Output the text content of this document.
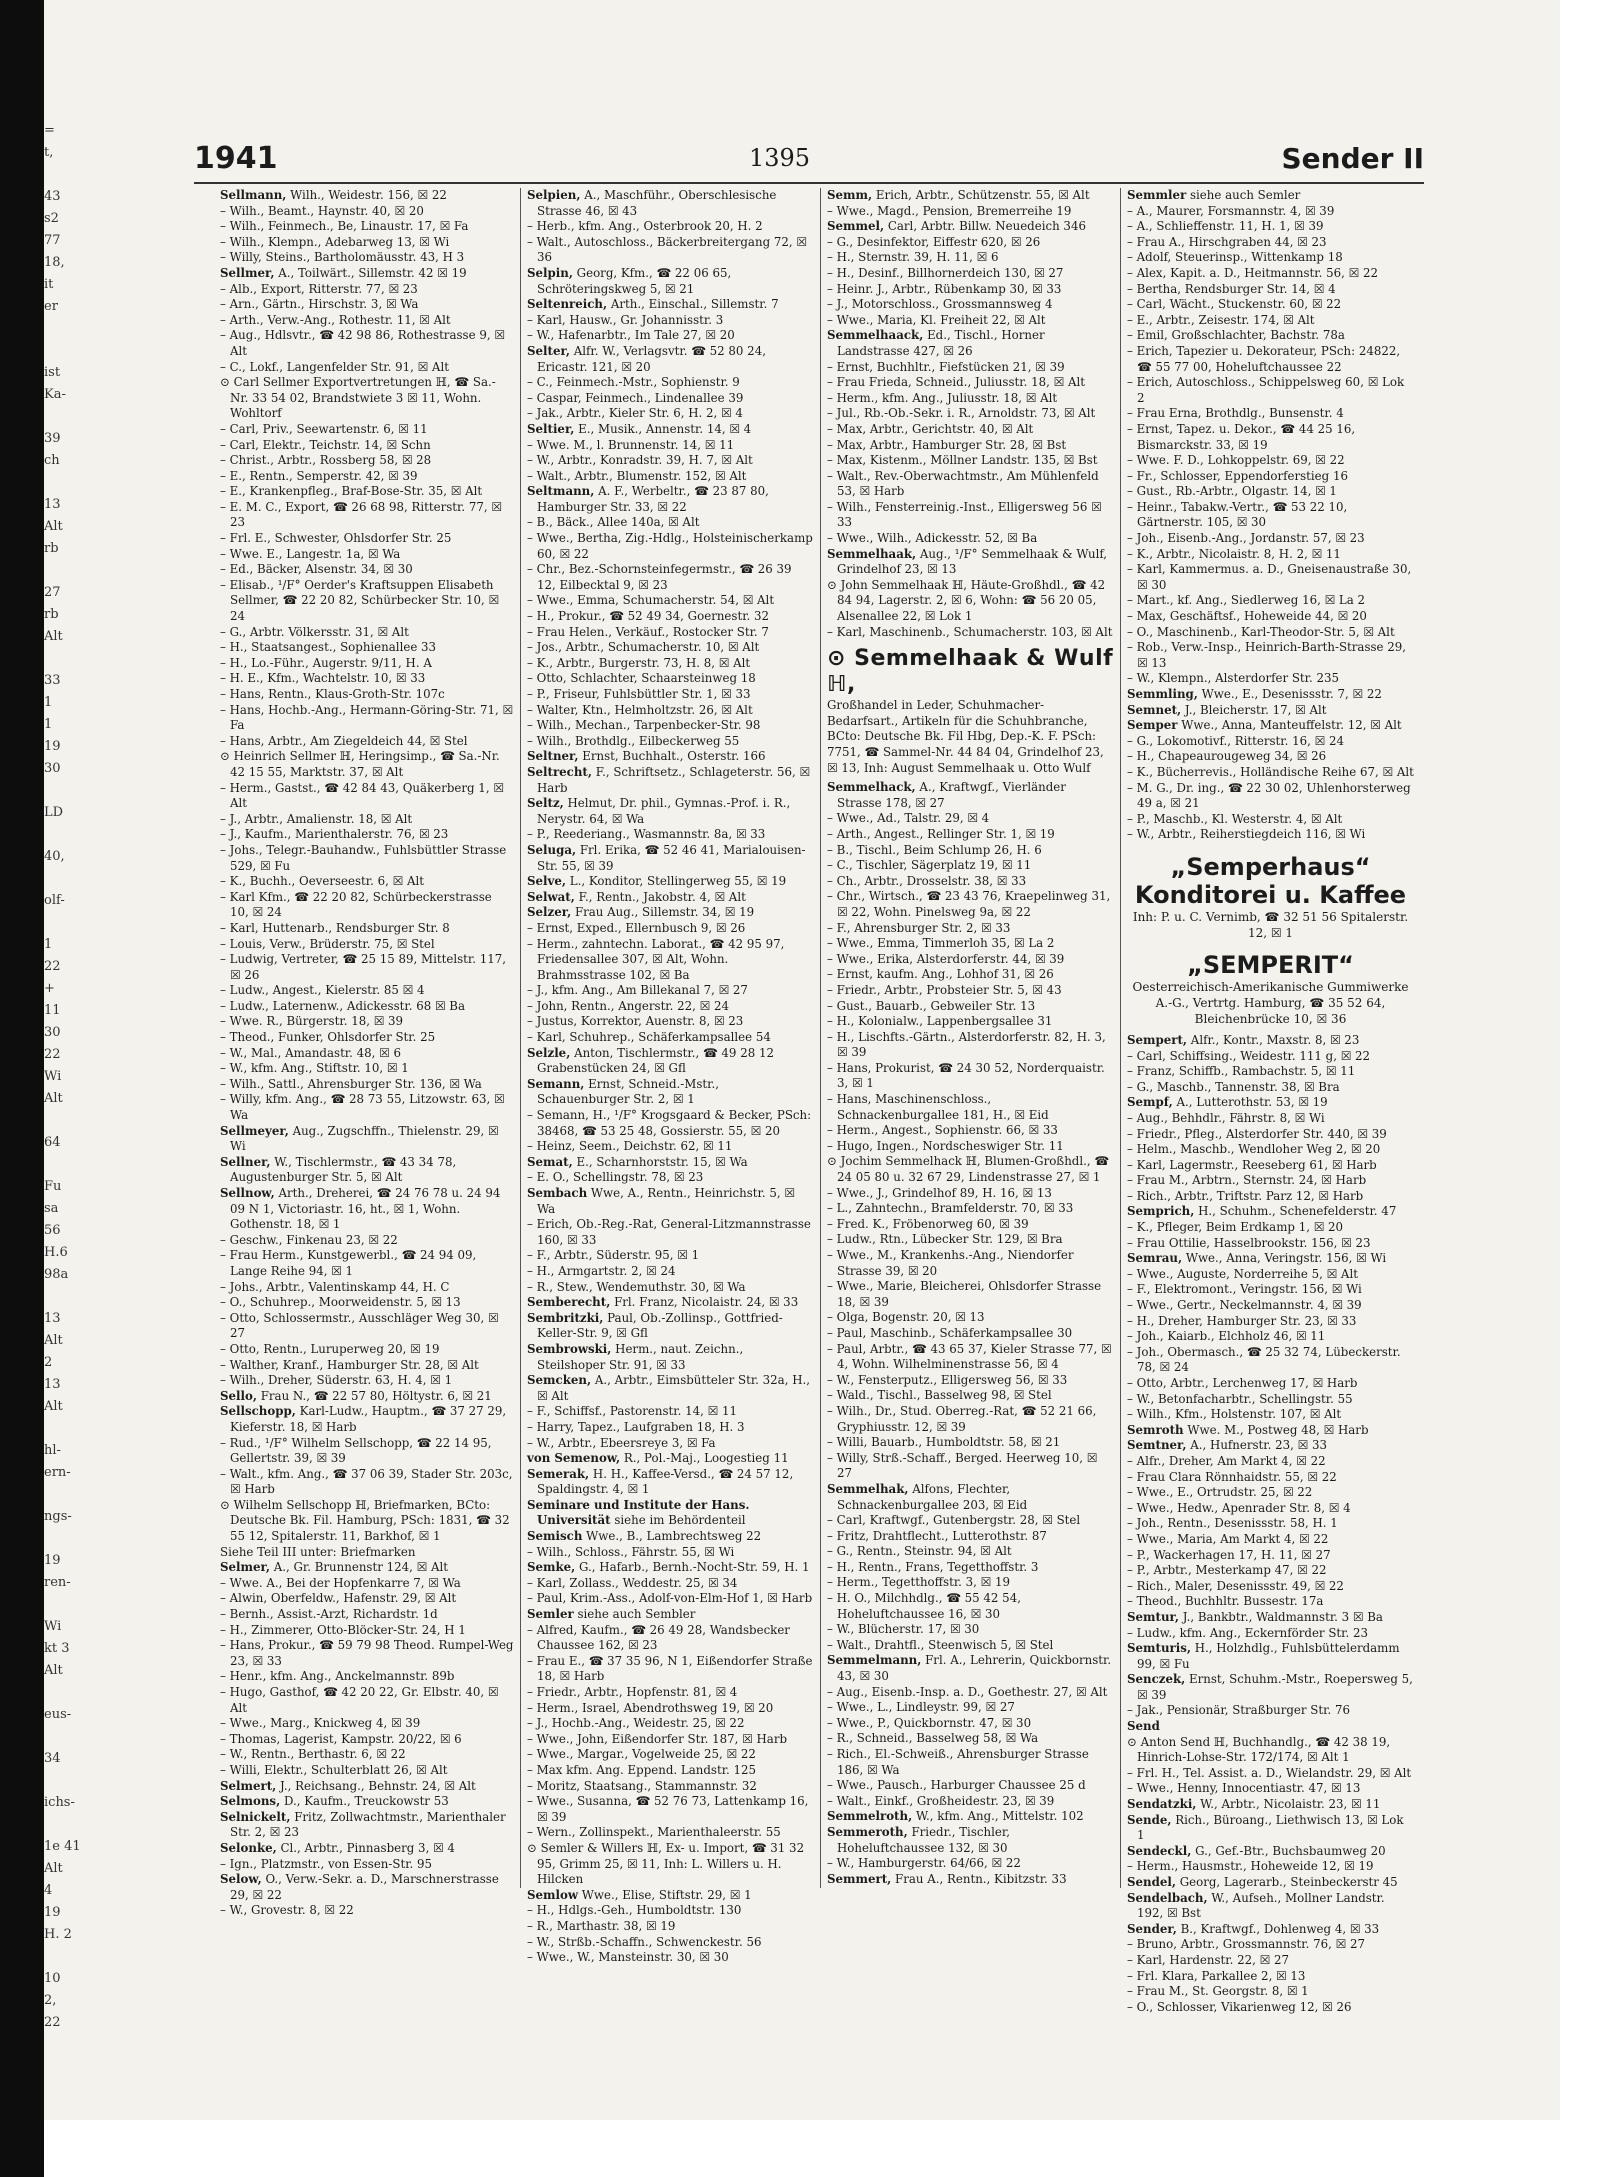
=
t,
43
s2
77
18,
it
er
ist
Ka-
39
ch
13
Alt
rb
27
rb
Alt
33
1
1
19
30
LD
40,
olf-
1
22
+
11
30
22
Wi
Alt
64
Fu
sa
56
H.6
98a
13
Alt
2
13
Alt
hl-
ern-
ngs-
19
ren-
Wi
kt 3
Alt
eus-
34
ichs-
1e 41
Alt
4
19
H. 2
10
2,
22
1941	1395	Sender II
Sellmann, Wilh., Weidestr. 156, ☒ 22
– Wilh., Beamt., Haynstr. 40, ☒ 20
– Wilh., Feinmech., Be, Linaustr. 17, ☒ Fa
– Wilh., Klempn., Adebarweg 13, ☒ Wi
– Willy, Steins., Bartholomäusstr. 43, H 3
Sellmer, A., Toilwärt., Sillemstr. 42 ☒ 19
– Alb., Export, Ritterstr. 77, ☒ 23
– Arn., Gärtn., Hirschstr. 3, ☒ Wa
– Arth., Verw.-Ang., Rothestr. 11, ☒ Alt
– Aug., Hdlsvtr., ☎ 42 98 86, Rothestrasse 9, ☒ Alt
– C., Lokf., Langenfelder Str. 91, ☒ Alt
⊙ Carl Sellmer Exportvertretungen ℍ, ☎ Sa.-Nr. 33 54 02, Brandstwiete 3 ☒ 11, Wohn. Wohltorf
– Carl, Priv., Seewartenstr. 6, ☒ 11
– Carl, Elektr., Teichstr. 14, ☒ Schn
– Christ., Arbtr., Rossberg 58, ☒ 28
– E., Rentn., Semperstr. 42, ☒ 39
– E., Krankenpfleg., Braf-Bose-Str. 35, ☒ Alt
– E. M. C., Export, ☎ 26 68 98, Ritterstr. 77, ☒ 23
– Frl. E., Schwester, Ohlsdorfer Str. 25
– Wwe. E., Langestr. 1a, ☒ Wa
– Ed., Bäcker, Alsenstr. 34, ☒ 30
– Elisab., ¹/F° Oerder's Kraftsuppen Elisabeth Sellmer, ☎ 22 20 82, Schürbecker Str. 10, ☒ 24
– G., Arbtr. Völkersstr. 31, ☒ Alt
– H., Staatsangest., Sophienallee 33
– H., Lo.-Führ., Augerstr. 9/11, H. A
– H. E., Kfm., Wachtelstr. 10, ☒ 33
– Hans, Rentn., Klaus-Groth-Str. 107c
– Hans, Hochb.-Ang., Hermann-Göring-Str. 71, ☒ Fa
– Hans, Arbtr., Am Ziegeldeich 44, ☒ Stel
⊙ Heinrich Sellmer ℍ, Heringsimp., ☎ Sa.-Nr. 42 15 55, Marktstr. 37, ☒ Alt
– Herm., Gastst., ☎ 42 84 43, Quäkerberg 1, ☒ Alt
– J., Arbtr., Amalienstr. 18, ☒ Alt
– J., Kaufm., Marienthalerstr. 76, ☒ 23
– Johs., Telegr.-Bauhandw., Fuhlsbüttler Strasse 529, ☒ Fu
– K., Buchh., Oeverseestr. 6, ☒ Alt
– Karl Kfm., ☎ 22 20 82, Schürbeckerstrasse 10, ☒ 24
– Karl, Huttenarb., Rendsburger Str. 8
– Louis, Verw., Brüderstr. 75, ☒ Stel
– Ludwig, Vertreter, ☎ 25 15 89, Mittelstr. 117, ☒ 26
– Ludw., Angest., Kielerstr. 85 ☒ 4
– Ludw., Laternenw., Adickesstr. 68 ☒ Ba
– Wwe. R., Bürgerstr. 18, ☒ 39
– Theod., Funker, Ohlsdorfer Str. 25
– W., Mal., Amandastr. 48, ☒ 6
– W., kfm. Ang., Stiftstr. 10, ☒ 1
– Wilh., Sattl., Ahrensburger Str. 136, ☒ Wa
– Willy, kfm. Ang., ☎ 28 73 55, Litzowstr. 63, ☒ Wa
Sellmeyer, Aug., Zugschffn., Thielenstr. 29, ☒ Wi
Sellner, W., Tischlermstr., ☎ 43 34 78, Augustenburger Str. 5, ☒ Alt
Sellnow, Arth., Dreherei, ☎ 24 76 78 u. 24 94 09 N 1, Victoriastr. 16, ht., ☒ 1, Wohn. Gothenstr. 18, ☒ 1
– Geschw., Finkenau 23, ☒ 22
– Frau Herm., Kunstgewerbl., ☎ 24 94 09, Lange Reihe 94, ☒ 1
– Johs., Arbtr., Valentinskamp 44, H. C
– O., Schuhrep., Moorweidenstr. 5, ☒ 13
– Otto, Schlossermstr., Ausschläger Weg 30, ☒ 27
– Otto, Rentn., Luruperweg 20, ☒ 19
– Walther, Kranf., Hamburger Str. 28, ☒ Alt
– Wilh., Dreher, Süderstr. 63, H. 4, ☒ 1
Sello, Frau N., ☎ 22 57 80, Höltystr. 6, ☒ 21
Sellschopp, Karl-Ludw., Hauptm., ☎ 37 27 29, Kieferstr. 18, ☒ Harb
– Rud., ¹/F° Wilhelm Sellschopp, ☎ 22 14 95, Gellertstr. 39, ☒ 39
– Walt., kfm. Ang., ☎ 37 06 39, Stader Str. 203c, ☒ Harb
⊙ Wilhelm Sellschopp ℍ, Briefmarken, BCto: Deutsche Bk. Fil. Hamburg, PSch: 1831, ☎ 32 55 12, Spitalerstr. 11, Barkhof, ☒ 1
Siehe Teil III unter: Briefmarken
Selmer, A., Gr. Brunnenstr 124, ☒ Alt
– Wwe. A., Bei der Hopfenkarre 7, ☒ Wa
– Alwin, Oberfeldw., Hafenstr. 29, ☒ Alt
– Bernh., Assist.-Arzt, Richardstr. 1d
– H., Zimmerer, Otto-Blöcker-Str. 24, H 1
– Hans, Prokur., ☎ 59 79 98 Theod. Rumpel-Weg 23, ☒ 33
– Henr., kfm. Ang., Anckelmannstr. 89b
– Hugo, Gasthof, ☎ 42 20 22, Gr. Elbstr. 40, ☒ Alt
– Wwe., Marg., Knickweg 4, ☒ 39
– Thomas, Lagerist, Kampstr. 20/22, ☒ 6
– W., Rentn., Berthastr. 6, ☒ 22
– Willi, Elektr., Schulterblatt 26, ☒ Alt
Selmert, J., Reichsang., Behnstr. 24, ☒ Alt
Selmons, D., Kaufm., Treuckowstr 53
Selnickelt, Fritz, Zollwachtmstr., Marienthaler Str. 2, ☒ 23
Selonke, Cl., Arbtr., Pinnasberg 3, ☒ 4
– Ign., Platzmstr., von Essen-Str. 95
Selow, O., Verw.-Sekr. a. D., Marschnerstrasse 29, ☒ 22
– W., Grovestr. 8, ☒ 22
Selpien, A., Maschführ., Oberschlesische Strasse 46, ☒ 43
– Herb., kfm. Ang., Osterbrook 20, H. 2
– Walt., Autoschloss., Bäckerbreitergang 72, ☒ 36
Selpin, Georg, Kfm., ☎ 22 06 65, Schröteringskweg 5, ☒ 21
Seltenreich, Arth., Einschal., Sillemstr. 7
– Karl, Hausw., Gr. Johannisstr. 3
– W., Hafenarbtr., Im Tale 27, ☒ 20
Selter, Alfr. W., Verlagsvtr. ☎ 52 80 24, Ericastr. 121, ☒ 20
– C., Feinmech.-Mstr., Sophienstr. 9
– Caspar, Feinmech., Lindenallee 39
– Jak., Arbtr., Kieler Str. 6, H. 2, ☒ 4
Seltier, E., Musik., Annenstr. 14, ☒ 4
– Wwe. M., l. Brunnenstr. 14, ☒ 11
– W., Arbtr., Konradstr. 39, H. 7, ☒ Alt
– Walt., Arbtr., Blumenstr. 152, ☒ Alt
Seltmann, A. F., Werbeltr., ☎ 23 87 80, Hamburger Str. 33, ☒ 22
– B., Bäck., Allee 140a, ☒ Alt
– Wwe., Bertha, Zig.-Hdlg., Holsteinischerkamp 60, ☒ 22
– Chr., Bez.-Schornsteinfegermstr., ☎ 26 39 12, Eilbecktal 9, ☒ 23
– Wwe., Emma, Schumacherstr. 54, ☒ Alt
– H., Prokur., ☎ 52 49 34, Goernestr. 32
– Frau Helen., Verkäuf., Rostocker Str. 7
– Jos., Arbtr., Schumacherstr. 10, ☒ Alt
– K., Arbtr., Burgerstr. 73, H. 8, ☒ Alt
– Otto, Schlachter, Schaarsteinweg 18
– P., Friseur, Fuhlsbüttler Str. 1, ☒ 33
– Walter, Ktn., Helmholtzstr. 26, ☒ Alt
– Wilh., Mechan., Tarpenbecker-Str. 98
– Wilh., Brothdlg., Eilbeckerweg 55
Seltner, Ernst, Buchhalt., Osterstr. 166
Seltrecht, F., Schriftsetz., Schlageterstr. 56, ☒ Harb
Seltz, Helmut, Dr. phil., Gymnas.-Prof. i. R., Nerystr. 64, ☒ Wa
– P., Reederiang., Wasmannstr. 8a, ☒ 33
Seluga, Frl. Erika, ☎ 52 46 41, Marialouisen-Str. 55, ☒ 39
Selve, L., Konditor, Stellingerweg 55, ☒ 19
Selwat, F., Rentn., Jakobstr. 4, ☒ Alt
Selzer, Frau Aug., Sillemstr. 34, ☒ 19
– Ernst, Exped., Ellernbusch 9, ☒ 26
– Herm., zahntechn. Laborat., ☎ 42 95 97, Friedensallee 307, ☒ Alt, Wohn. Brahmsstrasse 102, ☒ Ba
– J., kfm. Ang., Am Billekanal 7, ☒ 27
– John, Rentn., Angerstr. 22, ☒ 24
– Justus, Korrektor, Auenstr. 8, ☒ 23
– Karl, Schuhrep., Schäferkampsallee 54
Selzle, Anton, Tischlermstr., ☎ 49 28 12 Grabenstücken 24, ☒ Gfl
Semann, Ernst, Schneid.-Mstr., Schauenburger Str. 2, ☒ 1
– Semann, H., ¹/F° Krogsgaard & Becker, PSch: 38468, ☎ 53 25 48, Gossierstr. 55, ☒ 20
– Heinz, Seem., Deichstr. 62, ☒ 11
Semat, E., Scharnhorststr. 15, ☒ Wa
– E. O., Schellingstr. 78, ☒ 23
Sembach Wwe, A., Rentn., Heinrichstr. 5, ☒ Wa
– Erich, Ob.-Reg.-Rat, General-Litzmannstrasse 160, ☒ 33
– F., Arbtr., Süderstr. 95, ☒ 1
– H., Armgartstr. 2, ☒ 24
– R., Stew., Wendemuthstr. 30, ☒ Wa
Semberecht, Frl. Franz, Nicolaistr. 24, ☒ 33
Sembritzki, Paul, Ob.-Zollinsp., Gottfried-Keller-Str. 9, ☒ Gfl
Sembrowski, Herm., naut. Zeichn., Steilshoper Str. 91, ☒ 33
Semcken, A., Arbtr., Eimsbütteler Str. 32a, H., ☒ Alt
– F., Schiffsf., Pastorenstr. 14, ☒ 11
– Harry, Tapez., Laufgraben 18, H. 3
– W., Arbtr., Ebeersreye 3, ☒ Fa
von Semenow, R., Pol.-Maj., Loogestieg 11
Semerak, H. H., Kaffee-Versd., ☎ 24 57 12, Spaldingstr. 4, ☒ 1
Seminare und Institute der Hans. Universität siehe im Behördenteil
Semisch Wwe., B., Lambrechtsweg 22
– Wilh., Schloss., Fährstr. 55, ☒ Wi
Semke, G., Hafarb., Bernh.-Nocht-Str. 59, H. 1
– Karl, Zollass., Weddestr. 25, ☒ 34
– Paul, Krim.-Ass., Adolf-von-Elm-Hof 1, ☒ Harb
Semler siehe auch Sembler
– Alfred, Kaufm., ☎ 26 49 28, Wandsbecker Chaussee 162, ☒ 23
– Frau E., ☎ 37 35 96, N 1, Eißendorfer Straße 18, ☒ Harb
– Friedr., Arbtr., Hopfenstr. 81, ☒ 4
– Herm., Israel, Abendrothsweg 19, ☒ 20
– J., Hochb.-Ang., Weidestr. 25, ☒ 22
– Wwe., John, Eißendorfer Str. 187, ☒ Harb
– Wwe., Margar., Vogelweide 25, ☒ 22
– Max kfm. Ang. Eppend. Landstr. 125
– Moritz, Staatsang., Stammannstr. 32
– Wwe., Susanna, ☎ 52 76 73, Lattenkamp 16, ☒ 39
– Wern., Zollinspekt., Marienthaleerstr. 55
⊙ Semler & Willers ℍ, Ex- u. Import, ☎ 31 32 95, Grimm 25, ☒ 11, Inh: L. Willers u. H. Hilcken
Semlow Wwe., Elise, Stiftstr. 29, ☒ 1
– H., Hdlgs.-Geh., Humboldtstr. 130
– R., Marthastr. 38, ☒ 19
– W., Strßb.-Schaffn., Schwenckestr. 56
– Wwe., W., Mansteinstr. 30, ☒ 30
Semm, Erich, Arbtr., Schützenstr. 55, ☒ Alt
– Wwe., Magd., Pension, Bremerreihe 19
Semmel, Carl, Arbtr. Billw. Neuedeich 346
– G., Desinfektor, Eiffestr 620, ☒ 26
– H., Sternstr. 39, H. 11, ☒ 6
– H., Desinf., Billhornerdeich 130, ☒ 27
– Heinr. J., Arbtr., Rübenkamp 30, ☒ 33
– J., Motorschloss., Grossmannsweg 4
– Wwe., Maria, Kl. Freiheit 22, ☒ Alt
Semmelhaack, Ed., Tischl., Horner Landstrasse 427, ☒ 26
– Ernst, Buchhltr., Fiefstücken 21, ☒ 39
– Frau Frieda, Schneid., Juliusstr. 18, ☒ Alt
– Herm., kfm. Ang., Juliusstr. 18, ☒ Alt
– Jul., Rb.-Ob.-Sekr. i. R., Arnoldstr. 73, ☒ Alt
– Max, Arbtr., Gerichtstr. 40, ☒ Alt
– Max, Arbtr., Hamburger Str. 28, ☒ Bst
– Max, Kistenm., Möllner Landstr. 135, ☒ Bst
– Walt., Rev.-Oberwachtmstr., Am Mühlenfeld 53, ☒ Harb
– Wilh., Fensterreinig.-Inst., Elligersweg 56 ☒ 33
– Wwe., Wilh., Adickesstr. 52, ☒ Ba
Semmelhaak, Aug., ¹/F° Semmelhaak & Wulf, Grindelhof 23, ☒ 13
⊙ John Semmelhaak ℍ, Häute-Großhdl., ☎ 42 84 94, Lagerstr. 2, ☒ 6, Wohn: ☎ 56 20 05, Alsenallee 22, ☒ Lok 1
– Karl, Maschinenb., Schumacherstr. 103, ☒ Alt
⊙ Semmelhaak & Wulf ℍ,
Großhandel in Leder, Schuhmacher-Bedarfsart., Artikeln für die Schuhbranche, BCto: Deutsche Bk. Fil Hbg, Dep.-K. F. PSch: 7751, ☎ Sammel-Nr. 44 84 04, Grindelhof 23, ☒ 13, Inh: August Semmelhaak u. Otto Wulf
Semmelhack, A., Kraftwgf., Vierländer Strasse 178, ☒ 27
– Wwe., Ad., Talstr. 29, ☒ 4
– Arth., Angest., Rellinger Str. 1, ☒ 19
– B., Tischl., Beim Schlump 26, H. 6
– C., Tischler, Sägerplatz 19, ☒ 11
– Ch., Arbtr., Drosselstr. 38, ☒ 33
– Chr., Wirtsch., ☎ 23 43 76, Kraepelinweg 31, ☒ 22, Wohn. Pinelsweg 9a, ☒ 22
– F., Ahrensburger Str. 2, ☒ 33
– Wwe., Emma, Timmerloh 35, ☒ La 2
– Wwe., Erika, Alsterdorferstr. 44, ☒ 39
– Ernst, kaufm. Ang., Lohhof 31, ☒ 26
– Friedr., Arbtr., Probsteier Str. 5, ☒ 43
– Gust., Bauarb., Gebweiler Str. 13
– H., Kolonialw., Lappenbergsallee 31
– H., Lischfts.-Gärtn., Alsterdorferstr. 82, H. 3, ☒ 39
– Hans, Prokurist, ☎ 24 30 52, Norderquaistr. 3, ☒ 1
– Hans, Maschinenschloss., Schnackenburgallee 181, H., ☒ Eid
– Herm., Angest., Sophienstr. 66, ☒ 33
– Hugo, Ingen., Nordscheswiger Str. 11
⊙ Jochim Semmelhack ℍ, Blumen-Großhdl., ☎ 24 05 80 u. 32 67 29, Lindenstrasse 27, ☒ 1
– Wwe., J., Grindelhof 89, H. 16, ☒ 13
– L., Zahntechn., Bramfelderstr. 70, ☒ 33
– Fred. K., Fröbenorweg 60, ☒ 39
– Ludw., Rtn., Lübecker Str. 129, ☒ Bra
– Wwe., M., Krankenhs.-Ang., Niendorfer Strasse 39, ☒ 20
– Wwe., Marie, Bleicherei, Ohlsdorfer Strasse 18, ☒ 39
– Olga, Bogenstr. 20, ☒ 13
– Paul, Maschinb., Schäferkampsallee 30
– Paul, Arbtr., ☎ 43 65 37, Kieler Strasse 77, ☒ 4, Wohn. Wilhelminenstrasse 56, ☒ 4
– W., Fensterputz., Elligersweg 56, ☒ 33
– Wald., Tischl., Basselweg 98, ☒ Stel
– Wilh., Dr., Stud. Oberreg.-Rat, ☎ 52 21 66, Gryphiusstr. 12, ☒ 39
– Willi, Bauarb., Humboldtstr. 58, ☒ 21
– Willy, Strß.-Schaff., Berged. Heerweg 10, ☒ 27
Semmelhak, Alfons, Flechter, Schnackenburgallee 203, ☒ Eid
– Carl, Kraftwgf., Gutenbergstr. 28, ☒ Stel
– Fritz, Drahtflecht., Lutterothstr. 87
– G., Rentn., Steinstr. 94, ☒ Alt
– H., Rentn., Frans, Tegetthoffstr. 3
– Herm., Tegetthoffstr. 3, ☒ 19
– H. O., Milchhdlg., ☎ 55 42 54, Hoheluftchaussee 16, ☒ 30
– W., Blücherstr. 17, ☒ 30
– Walt., Drahtfl., Steenwisch 5, ☒ Stel
Semmelmann, Frl. A., Lehrerin, Quickbornstr. 43, ☒ 30
– Aug., Eisenb.-Insp. a. D., Goethestr. 27, ☒ Alt
– Wwe., L., Lindleystr. 99, ☒ 27
– Wwe., P., Quickbornstr. 47, ☒ 30
– R., Schneid., Basselweg 58, ☒ Wa
– Rich., El.-Schweiß., Ahrensburger Strasse 186, ☒ Wa
– Wwe., Pausch., Harburger Chaussee 25 d
– Walt., Einkf., Großheidestr. 23, ☒ 39
Semmelroth, W., kfm. Ang., Mittelstr. 102
Semmeroth, Friedr., Tischler, Hoheluftchaussee 132, ☒ 30
– W., Hamburgerstr. 64/66, ☒ 22
Semmert, Frau A., Rentn., Kibitzstr. 33
Semmler siehe auch Semler
– A., Maurer, Forsmannstr. 4, ☒ 39
– A., Schlieffenstr. 11, H. 1, ☒ 39
– Frau A., Hirschgraben 44, ☒ 23
– Adolf, Steuerinsp., Wittenkamp 18
– Alex, Kapit. a. D., Heitmannstr. 56, ☒ 22
– Bertha, Rendsburger Str. 14, ☒ 4
– Carl, Wächt., Stuckenstr. 60, ☒ 22
– E., Arbtr., Zeisestr. 174, ☒ Alt
– Emil, Großschlachter, Bachstr. 78a
– Erich, Tapezier u. Dekorateur, PSch: 24822, ☎ 55 77 00, Hoheluftchaussee 22
– Erich, Autoschloss., Schippelsweg 60, ☒ Lok 2
– Frau Erna, Brothdlg., Bunsenstr. 4
– Ernst, Tapez. u. Dekor., ☎ 44 25 16, Bismarckstr. 33, ☒ 19
– Wwe. F. D., Lohkoppelstr. 69, ☒ 22
– Fr., Schlosser, Eppendorferstieg 16
– Gust., Rb.-Arbtr., Olgastr. 14, ☒ 1
– Heinr., Tabakw.-Vertr., ☎ 53 22 10, Gärtnerstr. 105, ☒ 30
– Joh., Eisenb.-Ang., Jordanstr. 57, ☒ 23
– K., Arbtr., Nicolaistr. 8, H. 2, ☒ 11
– Karl, Kammermus. a. D., Gneisenaustraße 30, ☒ 30
– Mart., kf. Ang., Siedlerweg 16, ☒ La 2
– Max, Geschäftsf., Hoheweide 44, ☒ 20
– O., Maschinenb., Karl-Theodor-Str. 5, ☒ Alt
– Rob., Verw.-Insp., Heinrich-Barth-Strasse 29, ☒ 13
– W., Klempn., Alsterdorfer Str. 235
Semmling, Wwe., E., Desenissstr. 7, ☒ 22
Semnet, J., Bleicherstr. 17, ☒ Alt
Semper Wwe., Anna, Manteuffelstr. 12, ☒ Alt
– G., Lokomotivf., Ritterstr. 16, ☒ 24
– H., Chapeaurougeweg 34, ☒ 26
– K., Bücherrevis., Holländische Reihe 67, ☒ Alt
– M. G., Dr. ing., ☎ 22 30 02, Uhlenhorsterweg 49 a, ☒ 21
– P., Maschb., Kl. Westerstr. 4, ☒ Alt
– W., Arbtr., Reiherstiegdeich 116, ☒ Wi
„Semperhaus“ Konditorei u. Kaffee
Inh: P. u. C. Vernimb, ☎ 32 51 56 Spitalerstr. 12, ☒ 1
„SEMPERIT“
Oesterreichisch-Amerikanische Gummiwerke A.-G., Vertrtg. Hamburg, ☎ 35 52 64, Bleichenbrücke 10, ☒ 36
Sempert, Alfr., Kontr., Maxstr. 8, ☒ 23
– Carl, Schiffsing., Weidestr. 111 g, ☒ 22
– Franz, Schiffb., Rambachstr. 5, ☒ 11
– G., Maschb., Tannenstr. 38, ☒ Bra
Sempf, A., Lutterothstr. 53, ☒ 19
– Aug., Behhdlr., Fährstr. 8, ☒ Wi
– Friedr., Pfleg., Alsterdorfer Str. 440, ☒ 39
– Helm., Maschb., Wendloher Weg 2, ☒ 20
– Karl, Lagermstr., Reeseberg 61, ☒ Harb
– Frau M., Arbtrn., Sternstr. 24, ☒ Harb
– Rich., Arbtr., Triftstr. Parz 12, ☒ Harb
Semprich, H., Schuhm., Schenefelderstr. 47
– K., Pfleger, Beim Erdkamp 1, ☒ 20
– Frau Ottilie, Hasselbrookstr. 156, ☒ 23
Semrau, Wwe., Anna, Veringstr. 156, ☒ Wi
– Wwe., Auguste, Norderreihe 5, ☒ Alt
– F., Elektromont., Veringstr. 156, ☒ Wi
– Wwe., Gertr., Neckelmannstr. 4, ☒ 39
– H., Dreher, Hamburger Str. 23, ☒ 33
– Joh., Kaiarb., Elchholz 46, ☒ 11
– Joh., Obermasch., ☎ 25 32 74, Lübeckerstr. 78, ☒ 24
– Otto, Arbtr., Lerchenweg 17, ☒ Harb
– W., Betonfacharbtr., Schellingstr. 55
– Wilh., Kfm., Holstenstr. 107, ☒ Alt
Semroth Wwe. M., Postweg 48, ☒ Harb
Semtner, A., Hufnerstr. 23, ☒ 33
– Alfr., Dreher, Am Markt 4, ☒ 22
– Frau Clara Rönnhaidstr. 55, ☒ 22
– Wwe., E., Ortrudstr. 25, ☒ 22
– Wwe., Hedw., Apenrader Str. 8, ☒ 4
– Joh., Rentn., Desenissstr. 58, H. 1
– Wwe., Maria, Am Markt 4, ☒ 22
– P., Wackerhagen 17, H. 11, ☒ 27
– P., Arbtr., Mesterkamp 47, ☒ 22
– Rich., Maler, Desenissstr. 49, ☒ 22
– Theod., Buchhltr. Bussestr. 17a
Semtur, J., Bankbtr., Waldmannstr. 3 ☒ Ba
– Ludw., kfm. Ang., Eckernförder Str. 23
Semturis, H., Holzhdlg., Fuhlsbüttelerdamm 99, ☒ Fu
Senczek, Ernst, Schuhm.-Mstr., Roepersweg 5, ☒ 39
– Jak., Pensionär, Straßburger Str. 76
Send
⊙ Anton Send ℍ, Buchhandlg., ☎ 42 38 19, Hinrich-Lohse-Str. 172/174, ☒ Alt 1
– Frl. H., Tel. Assist. a. D., Wielandstr. 29, ☒ Alt
– Wwe., Henny, Innocentiastr. 47, ☒ 13
Sendatzki, W., Arbtr., Nicolaistr. 23, ☒ 11
Sende, Rich., Büroang., Liethwisch 13, ☒ Lok 1
Sendeckl, G., Gef.-Btr., Buchsbaumweg 20
– Herm., Hausmstr., Hoheweide 12, ☒ 19
Sendel, Georg, Lagerarb., Steinbeckerstr 45
Sendelbach, W., Aufseh., Mollner Landstr. 192, ☒ Bst
Sender, B., Kraftwgf., Dohlenweg 4, ☒ 33
– Bruno, Arbtr., Grossmannstr. 76, ☒ 27
– Karl, Hardenstr. 22, ☒ 27
– Frl. Klara, Parkallee 2, ☒ 13
– Frau M., St. Georgstr. 8, ☒ 1
– O., Schlosser, Vikarienweg 12, ☒ 26
